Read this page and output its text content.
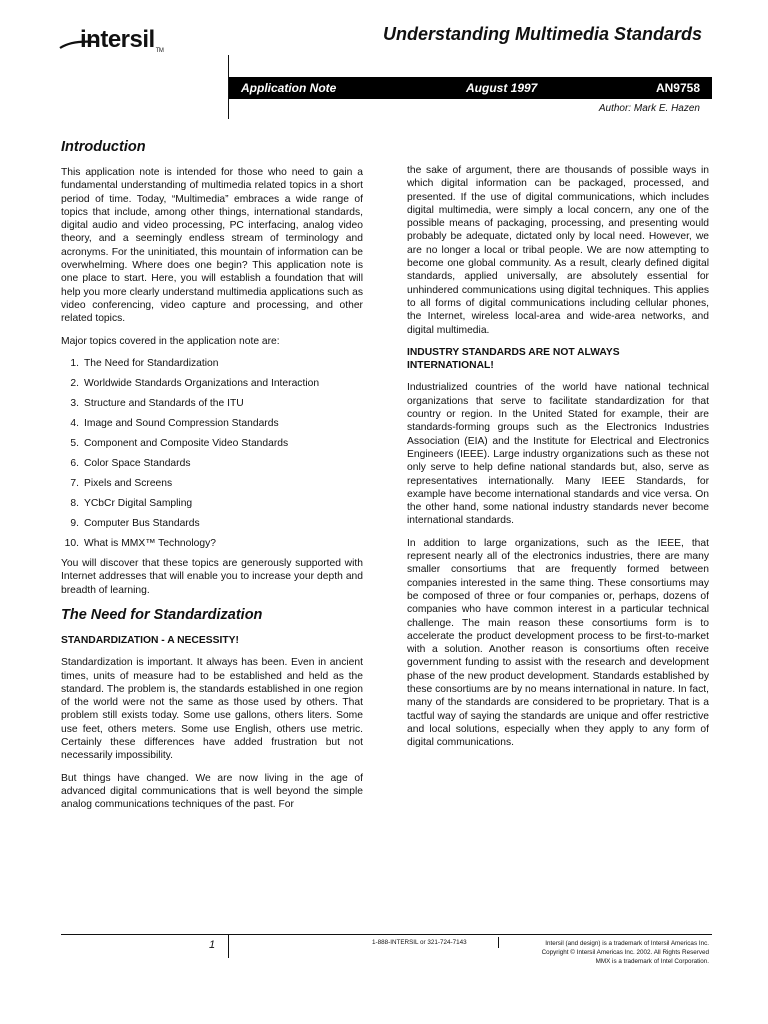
intersilTM
Understanding Multimedia Standards
Application Note	August 1997	AN9758
Author: Mark E. Hazen
Introduction

This application note is intended for those who need to gain a fundamental understanding of multimedia related topics in a short period of time. Today, “Multimedia” embraces a wide range of topics that include, among other things, international standards, digital audio and video processing, PC interfacing, analog video theory, and a seemingly endless stream of terminology and acronyms. For the uninitiated, this mountain of information can be overwhelming. Where does one begin? This application note is one place to start. Here, you will establish a foundation that will help you more clearly understand multimedia applications such as video conferencing, video capture and processing, and other related topics.

Major topics covered in the application note are:

1. The Need for Standardization
2. Worldwide Standards Organizations and Interaction
3. Structure and Standards of the ITU
4. Image and Sound Compression Standards
5. Component and Composite Video Standards
6. Color Space Standards
7. Pixels and Screens
8. YCbCr Digital Sampling
9. Computer Bus Standards
10. What is MMX™ Technology?

You will discover that these topics are generously supported with Internet addresses that will enable you to increase your depth and breadth of learning.

The Need for Standardization
STANDARDIZATION - A NECESSITY!

Standardization is important. It always has been. Even in ancient times, units of measure had to be established and held as the standard. The problem is, the standards established in one region of the world were not the same as those used by others. That problem still exists today. Some use gallons, others liters. Some use feet, others meters. Some use English, others use metric. Certainly these differences have added frustration but not necessarily impossibility.

But things have changed. We are now living in the age of advanced digital communications that is well beyond the simple analog communications techniques of the past. For

the sake of argument, there are thousands of possible ways in which digital information can be packaged, processed, and presented. If the use of digital communications, which includes digital multimedia, were simply a local concern, any one of the possible means of packaging, processing, and presenting would probably be adequate, dictated only by local need. However, we are no longer a local or tribal people. We are now attempting to become one global community. As a result, clearly defined digital standards, applied universally, are absolutely essential for unhindered communications using digital techniques. This applies to all forms of digital communications including cellular phones, the Internet, wireless local-area and wide-area networks, and digital multimedia.

INDUSTRY STANDARDS ARE NOT ALWAYS INTERNATIONAL!

Industrialized countries of the world have national technical organizations that serve to facilitate standardization for that country or region. In the United Stated for example, their are standards-forming groups such as the Electronics Industries Association (EIA) and the Institute for Electrical and Electronics Engineers (IEEE). Large industry organizations such as these not only serve to help define national standards but, also, serve as representatives internationally. Many IEEE Standards, for example have become international standards and vice versa. On the other hand, some national industry standards never become international standards.

In addition to large organizations, such as the IEEE, that represent nearly all of the electronics industries, there are many smaller consortiums that are frequently formed between companies interested in the same thing. These consortiums may be composed of three or four companies or, perhaps, dozens of companies who have common interest in a particular technical challenge. The main reason these consortiums form is to accelerate the product development process to be first-to-market with a solution. Another reason is consortiums often receive government funding to assist with the research and development phase of the new product development. Standards established by these consortiums are by no means international in nature. In fact, many of the standards are considered to be proprietary. That is a tactful way of saying the standards are unique and offer restrictive and local solutions, especially when they apply to any form of digital communications.

1	1-888-INTERSIL or 321-724-7143	Intersil (and design) is a trademark of Intersil Americas Inc.
Copyright © Intersil Americas Inc. 2002. All Rights Reserved
MMX is a trademark of Intel Corporation.
